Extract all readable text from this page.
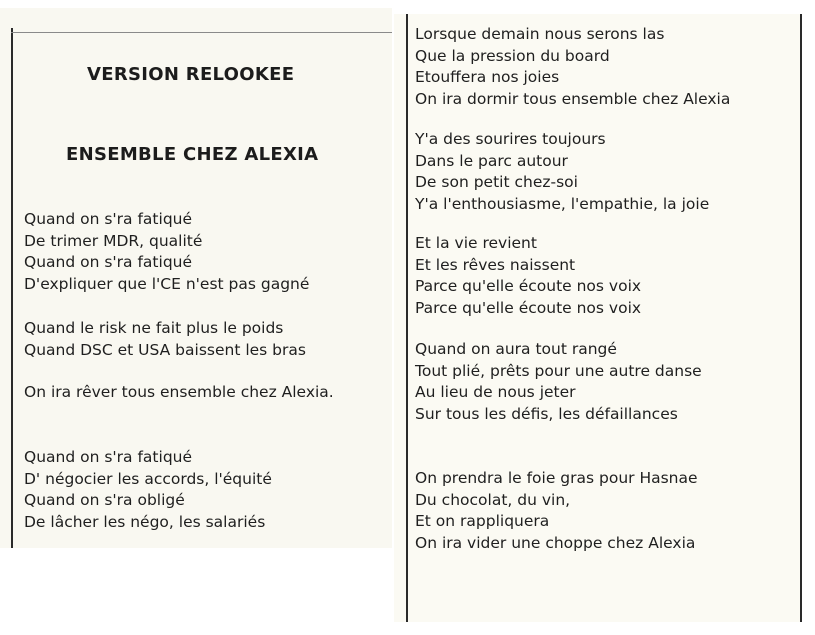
VERSION RELOOKEE
ENSEMBLE CHEZ ALEXIA
Quand on s'ra fatiqué
De trimer MDR, qualité
Quand on s'ra fatiqué
D'expliquer que l'CE n'est pas gagné
Quand le risk ne fait plus le poids
Quand DSC et USA baissent les bras
On ira rêver tous ensemble chez Alexia.
Quand on s'ra fatiqué
D' négocier les accords, l'équité
Quand on s'ra obligé
De lâcher les négo, les salariés
Lorsque demain nous serons las
Que la pression du board
Etouffera nos joies
On ira dormir tous ensemble chez Alexia
Y'a des sourires toujours
Dans le parc autour
De son petit chez-soi
Y'a l'enthousiasme, l'empathie, la joie
Et la vie revient
Et les rêves naissent
Parce qu'elle écoute nos voix
Parce qu'elle écoute nos voix
Quand on aura tout rangé
Tout plié, prêts pour une autre danse
Au lieu de nous jeter
Sur tous les défis, les défaillances
On prendra le foie gras pour Hasnae
Du chocolat, du vin,
Et on rappliquera
On ira vider une choppe chez Alexia
